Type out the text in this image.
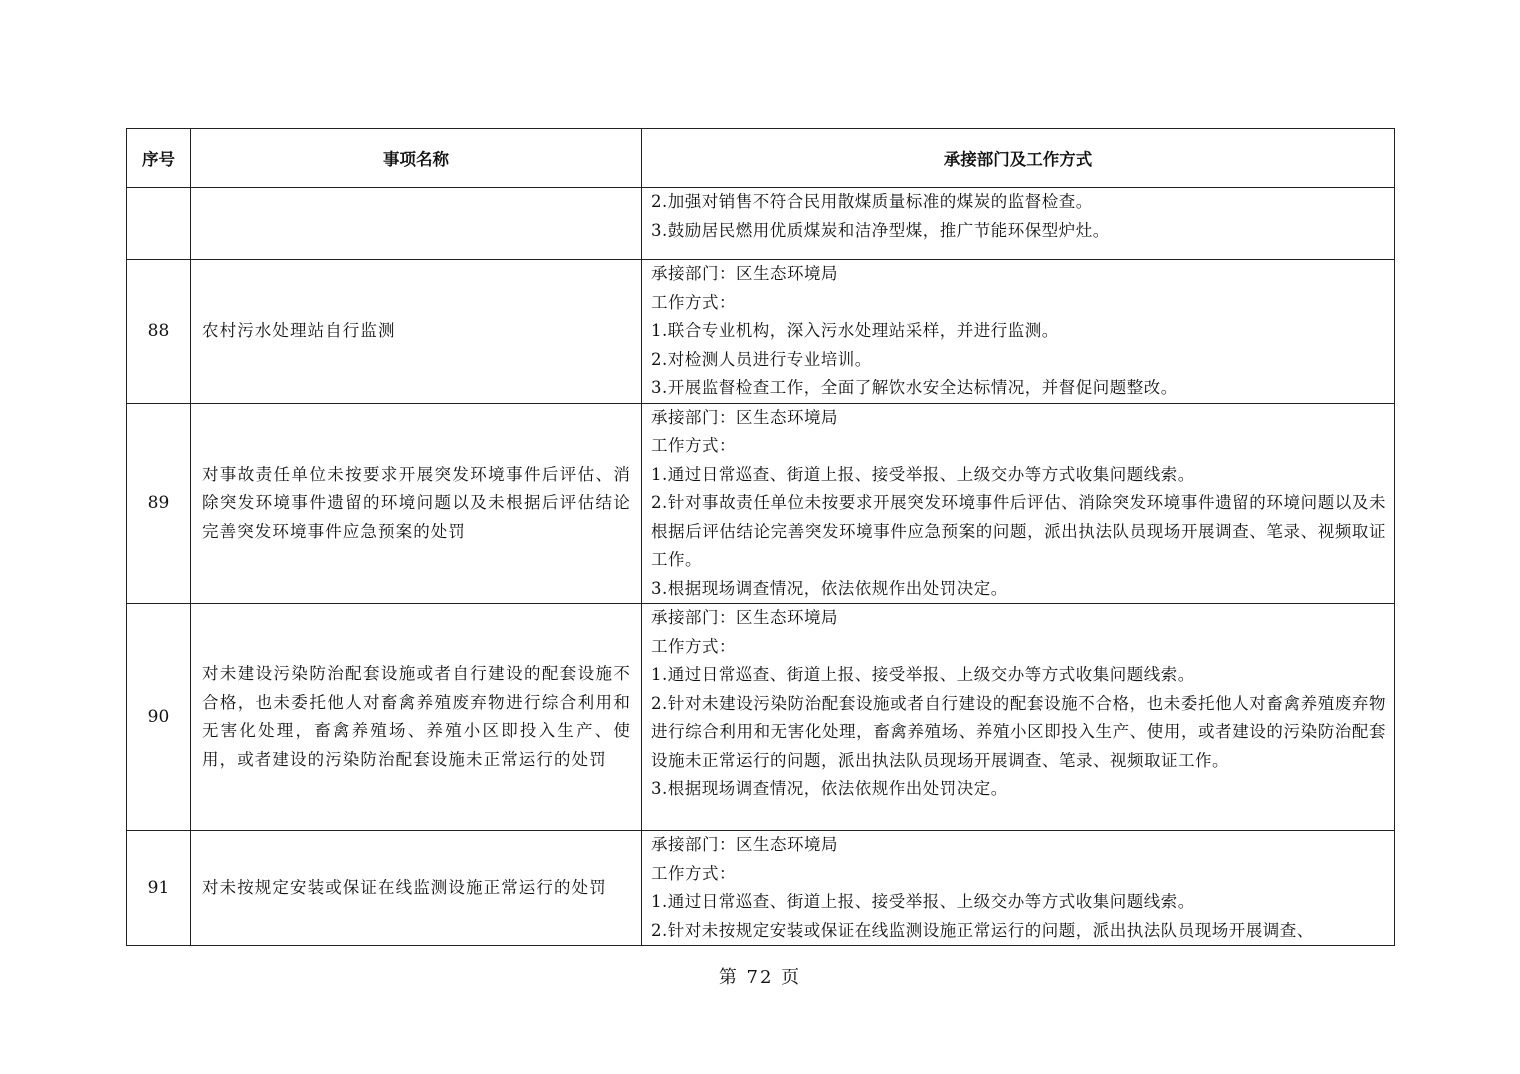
序号	事项名称	承接部门及工作方式

		2.加强对销售不符合民用散煤质量标准的煤炭的监督检查。

3.鼓励居民燃用优质煤炭和洁净型煤，推广节能环保型炉灶。

88	农村污水处理站自行监测	承接部门：区生态环境局

工作方式：

1.联合专业机构，深入污水处理站采样，并进行监测。

2.对检测人员进行专业培训。

3.开展监督检查工作，全面了解饮水安全达标情况，并督促问题整改。

89	对事故责任单位未按要求开展突发环境事件后评估、消除突发环境事件遗留的环境问题以及未根据后评估结论完善突发环境事件应急预案的处罚	承接部门：区生态环境局

工作方式：

1.通过日常巡查、街道上报、接受举报、上级交办等方式收集问题线索。

2.针对事故责任单位未按要求开展突发环境事件后评估、消除突发环境事件遗留的环境问题以及未根据后评估结论完善突发环境事件应急预案的问题，派出执法队员现场开展调查、笔录、视频取证工作。

3.根据现场调查情况，依法依规作出处罚决定。

90	对未建设污染防治配套设施或者自行建设的配套设施不合格，也未委托他人对畜禽养殖废弃物进行综合利用和无害化处理，畜禽养殖场、养殖小区即投入生产、使用，或者建设的污染防治配套设施未正常运行的处罚	承接部门：区生态环境局

工作方式：

1.通过日常巡查、街道上报、接受举报、上级交办等方式收集问题线索。

2.针对未建设污染防治配套设施或者自行建设的配套设施不合格，也未委托他人对畜禽养殖废弃物进行综合利用和无害化处理，畜禽养殖场、养殖小区即投入生产、使用，或者建设的污染防治配套设施未正常运行的问题，派出执法队员现场开展调查、笔录、视频取证工作。

3.根据现场调查情况，依法依规作出处罚决定。

91	对未按规定安装或保证在线监测设施正常运行的处罚	承接部门：区生态环境局

工作方式：

1.通过日常巡查、街道上报、接受举报、上级交办等方式收集问题线索。

2.针对未按规定安装或保证在线监测设施正常运行的问题，派出执法队员现场开展调查、

第 72 页
